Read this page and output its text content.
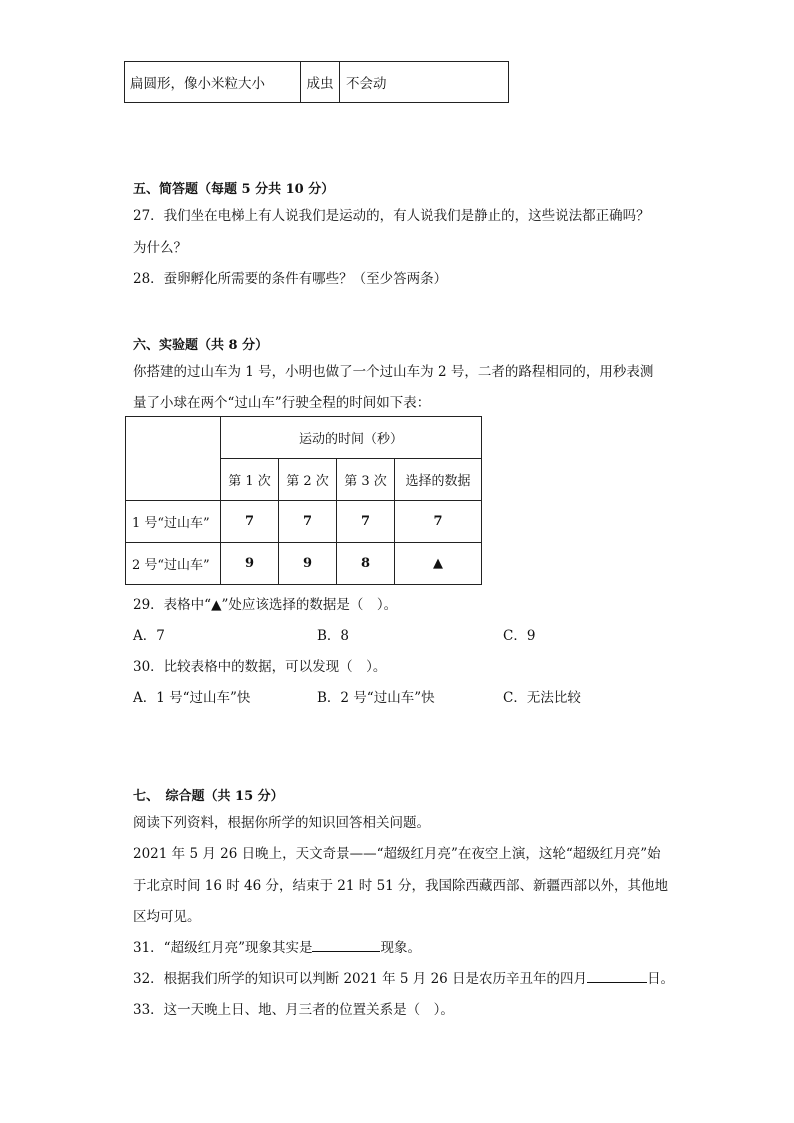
扁圆形，像小米粒大小	成虫	不会动
五、简答题（每题 5 分共 10 分）
27．我们坐在电梯上有人说我们是运动的，有人说我们是静止的，这些说法都正确吗？
为什么？
28．蚕卵孵化所需要的条件有哪些？（至少答两条）
六、实验题（共 8 分）
你搭建的过山车为 1 号，小明也做了一个过山车为 2 号，二者的路程相同的，用秒表测
量了小球在两个“过山车”行驶全程的时间如下表：
	运动的时间（秒）			
	第 1 次	第 2 次	第 3 次	选择的数据
1 号“过山车”	7	7	7	7
2 号“过山车”	9	9	8	▲
29．表格中“▲”处应该选择的数据是（　）。
A．7	B．8	C．9
30．比较表格中的数据，可以发现（　）。
A．1 号“过山车”快	B．2 号“过山车”快	C．无法比较
七、　综合题（共 15 分）
阅读下列资料，根据你所学的知识回答相关问题。
2021 年 5 月 26 日晚上，天文奇景——“超级红月亮”在夜空上演，这轮“超级红月亮”始
于北京时间 16 时 46 分，结束于 21 时 51 分，我国除西藏西部、新疆西部以外，其他地
区均可见。
31．“超级红月亮”现象其实是	现象。
32．根据我们所学的知识可以判断 2021 年 5 月 26 日是农历辛丑年的四月	日。
33．这一天晚上日、地、月三者的位置关系是（　）。
